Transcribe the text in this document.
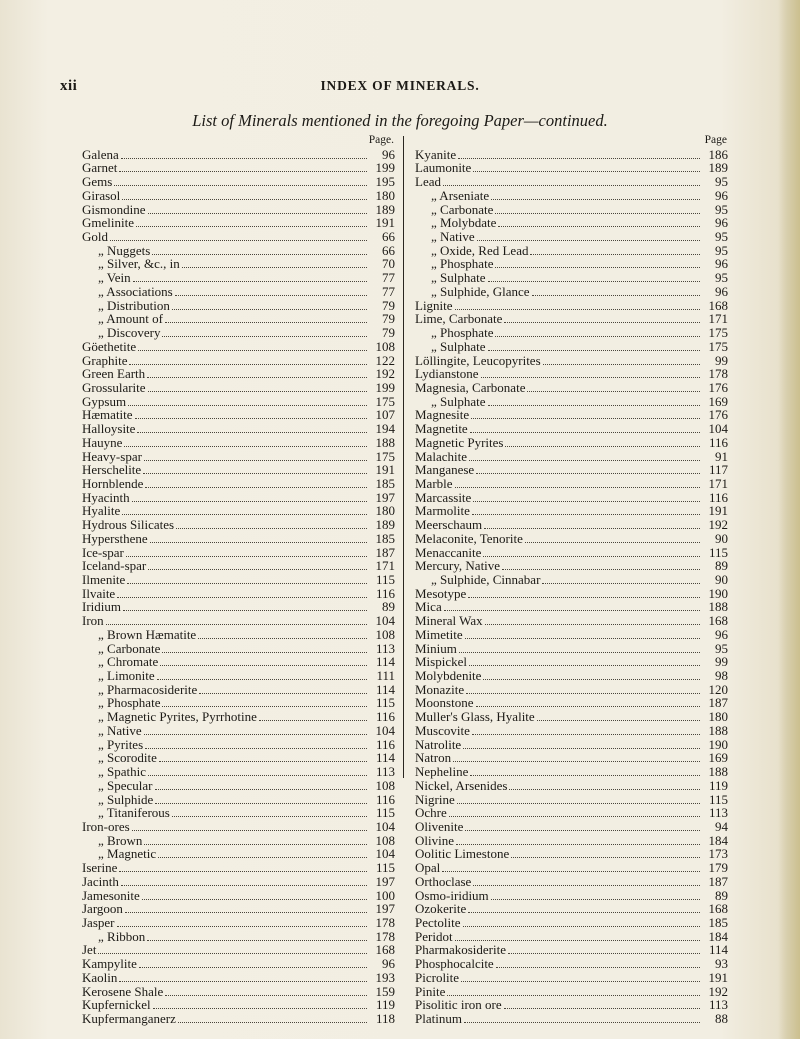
xii	INDEX OF MINERALS.
List of Minerals mentioned in the foregoing Paper—continued.
Page.
Galena	96
Garnet	199
Gems	195
Girasol	180
Gismondine	189
Gmelinite	191
Gold	66
„ Nuggets	66
„ Silver, &c., in	70
„ Vein	77
„ Associations	77
„ Distribution	79
„ Amount of	79
„ Discovery	79
Göethetite	108
Graphite	122
Green Earth	192
Grossularite	199
Gypsum	175
Hæmatite	107
Halloysite	194
Hauyne	188
Heavy-spar	175
Herschelite	191
Hornblende	185
Hyacinth	197
Hyalite	180
Hydrous Silicates	189
Hypersthene	185
Ice-spar	187
Iceland-spar	171
Ilmenite	115
Ilvaite	116
Iridium	89
Iron	104
„ Brown Hæmatite	108
„ Carbonate	113
„ Chromate	114
„ Limonite	111
„ Pharmacosiderite	114
„ Phosphate	115
„ Magnetic Pyrites, Pyrrhotine	116
„ Native	104
„ Pyrites	116
„ Scorodite	114
„ Spathic	113
„ Specular	108
„ Sulphide	116
„ Titaniferous	115
Iron-ores	104
„ Brown	108
„ Magnetic	104
Iserine	115
Jacinth	197
Jamesonite	100
Jargoon	197
Jasper	178
„ Ribbon	178
Jet	168
Kampylite	96
Kaolin	193
Kerosene Shale	159
Kupfernickel	119
Kupfermanganerz	118
Page
Kyanite	186
Laumonite	189
Lead	95
„ Arseniate	96
„ Carbonate	95
„ Molybdate	96
„ Native	95
„ Oxide, Red Lead	95
„ Phosphate	96
„ Sulphate	95
„ Sulphide, Glance	96
Lignite	168
Lime, Carbonate	171
„ Phosphate	175
„ Sulphate	175
Löllingite, Leucopyrites	99
Lydianstone	178
Magnesia, Carbonate	176
„ Sulphate	169
Magnesite	176
Magnetite	104
Magnetic Pyrites	116
Malachite	91
Manganese	117
Marble	171
Marcassite	116
Marmolite	191
Meerschaum	192
Melaconite, Tenorite	90
Menaccanite	115
Mercury, Native	89
„ Sulphide, Cinnabar	90
Mesotype	190
Mica	188
Mineral Wax	168
Mimetite	96
Minium	95
Mispickel	99
Molybdenite	98
Monazite	120
Moonstone	187
Muller's Glass, Hyalite	180
Muscovite	188
Natrolite	190
Natron	169
Nepheline	188
Nickel, Arsenides	119
Nigrine	115
Ochre	113
Olivenite	94
Olivine	184
Oolitic Limestone	173
Opal	179
Orthoclase	187
Osmo-iridium	89
Ozokerite	168
Pectolite	185
Peridot	184
Pharmakosiderite	114
Phosphocalcite	93
Picrolite	191
Pinite	192
Pisolitic iron ore	113
Platinum	88
